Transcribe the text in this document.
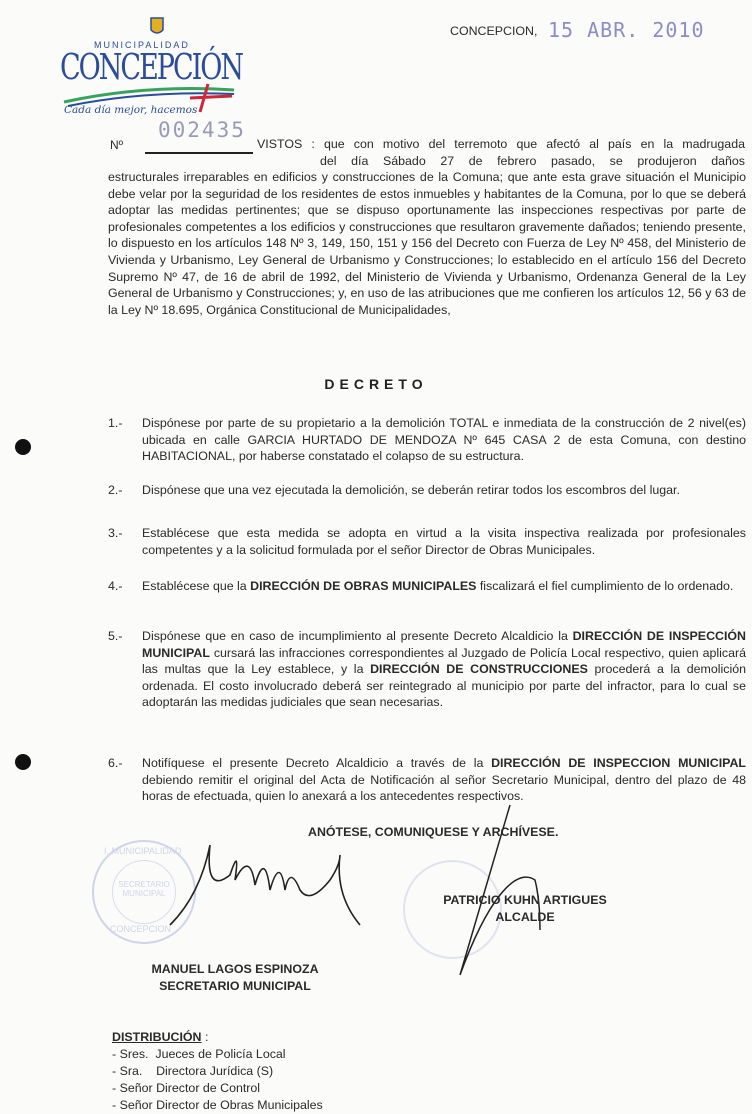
MUNICIPALIDAD
CONCEPCIÓN
Cada día mejor, hacemos
CONCEPCION, 15 ABR. 2010
Nº
002435
VISTOS : que con motivo del terremoto que afectó al país en la madrugada
del día Sábado 27 de febrero pasado, se produjeron daños
estructurales irreparables en edificios y construcciones de la Comuna; que ante esta grave situación el Municipio debe velar por la seguridad de los residentes de estos inmuebles y habitantes de la Comuna, por lo que se deberá adoptar las medidas pertinentes; que se dispuso oportunamente las inspecciones respectivas por parte de profesionales competentes a los edificios y construcciones que resultaron gravemente dañados; teniendo presente, lo dispuesto en los artículos 148 Nº 3, 149, 150, 151 y 156 del Decreto con Fuerza de Ley Nº 458, del Ministerio de Vivienda y Urbanismo, Ley General de Urbanismo y Construcciones; lo establecido en el artículo 156 del Decreto Supremo Nº 47, de 16 de abril de 1992, del Ministerio de Vivienda y Urbanismo, Ordenanza General de la Ley General de Urbanismo y Construcciones; y, en uso de las atribuciones que me confieren los artículos 12, 56 y 63 de la Ley Nº 18.695, Orgánica Constitucional de Municipalidades,
DECRETO
1.- Dispónese por parte de su propietario a la demolición TOTAL e inmediata de la construcción de 2 nivel(es) ubicada en calle GARCIA HURTADO DE MENDOZA Nº 645 CASA 2 de esta Comuna, con destino HABITACIONAL, por haberse constatado el colapso de su estructura.
2.- Dispónese que una vez ejecutada la demolición, se deberán retirar todos los escombros del lugar.
3.- Establécese que esta medida se adopta en virtud a la visita inspectiva realizada por profesionales competentes y a la solicitud formulada por el señor Director de Obras Municipales.
4.- Establécese que la DIRECCIÓN DE OBRAS MUNICIPALES fiscalizará el fiel cumplimiento de lo ordenado.
5.- Dispónese que en caso de incumplimiento al presente Decreto Alcaldicio la DIRECCIÓN DE INSPECCIÓN MUNICIPAL cursará las infracciones correspondientes al Juzgado de Policía Local respectivo, quien aplicará las multas que la Ley establece, y la DIRECCIÓN DE CONSTRUCCIONES procederá a la demolición ordenada. El costo involucrado deberá ser reintegrado al municipio por parte del infractor, para lo cual se adoptarán las medidas judiciales que sean necesarias.
6.- Notifíquese el presente Decreto Alcaldicio a través de la DIRECCIÓN DE INSPECCION MUNICIPAL debiendo remitir el original del Acta de Notificación al señor Secretario Municipal, dentro del plazo de 48 horas de efectuada, quien lo anexará a los antecedentes respectivos.
ANÓTESE, COMUNIQUESE Y ARCHÍVESE.
I. MUNICIPALIDAD
SECRETARIO MUNICIPAL
CONCEPCION
PATRICIO KUHN ARTIGUES
ALCALDE
MANUEL LAGOS ESPINOZA
SECRETARIO MUNICIPAL
DISTRIBUCIÓN :
- Sres.  Jueces de Policía Local
- Sra.    Directora Jurídica (S)
- Señor Director de Control
- Señor Director de Obras Municipales
